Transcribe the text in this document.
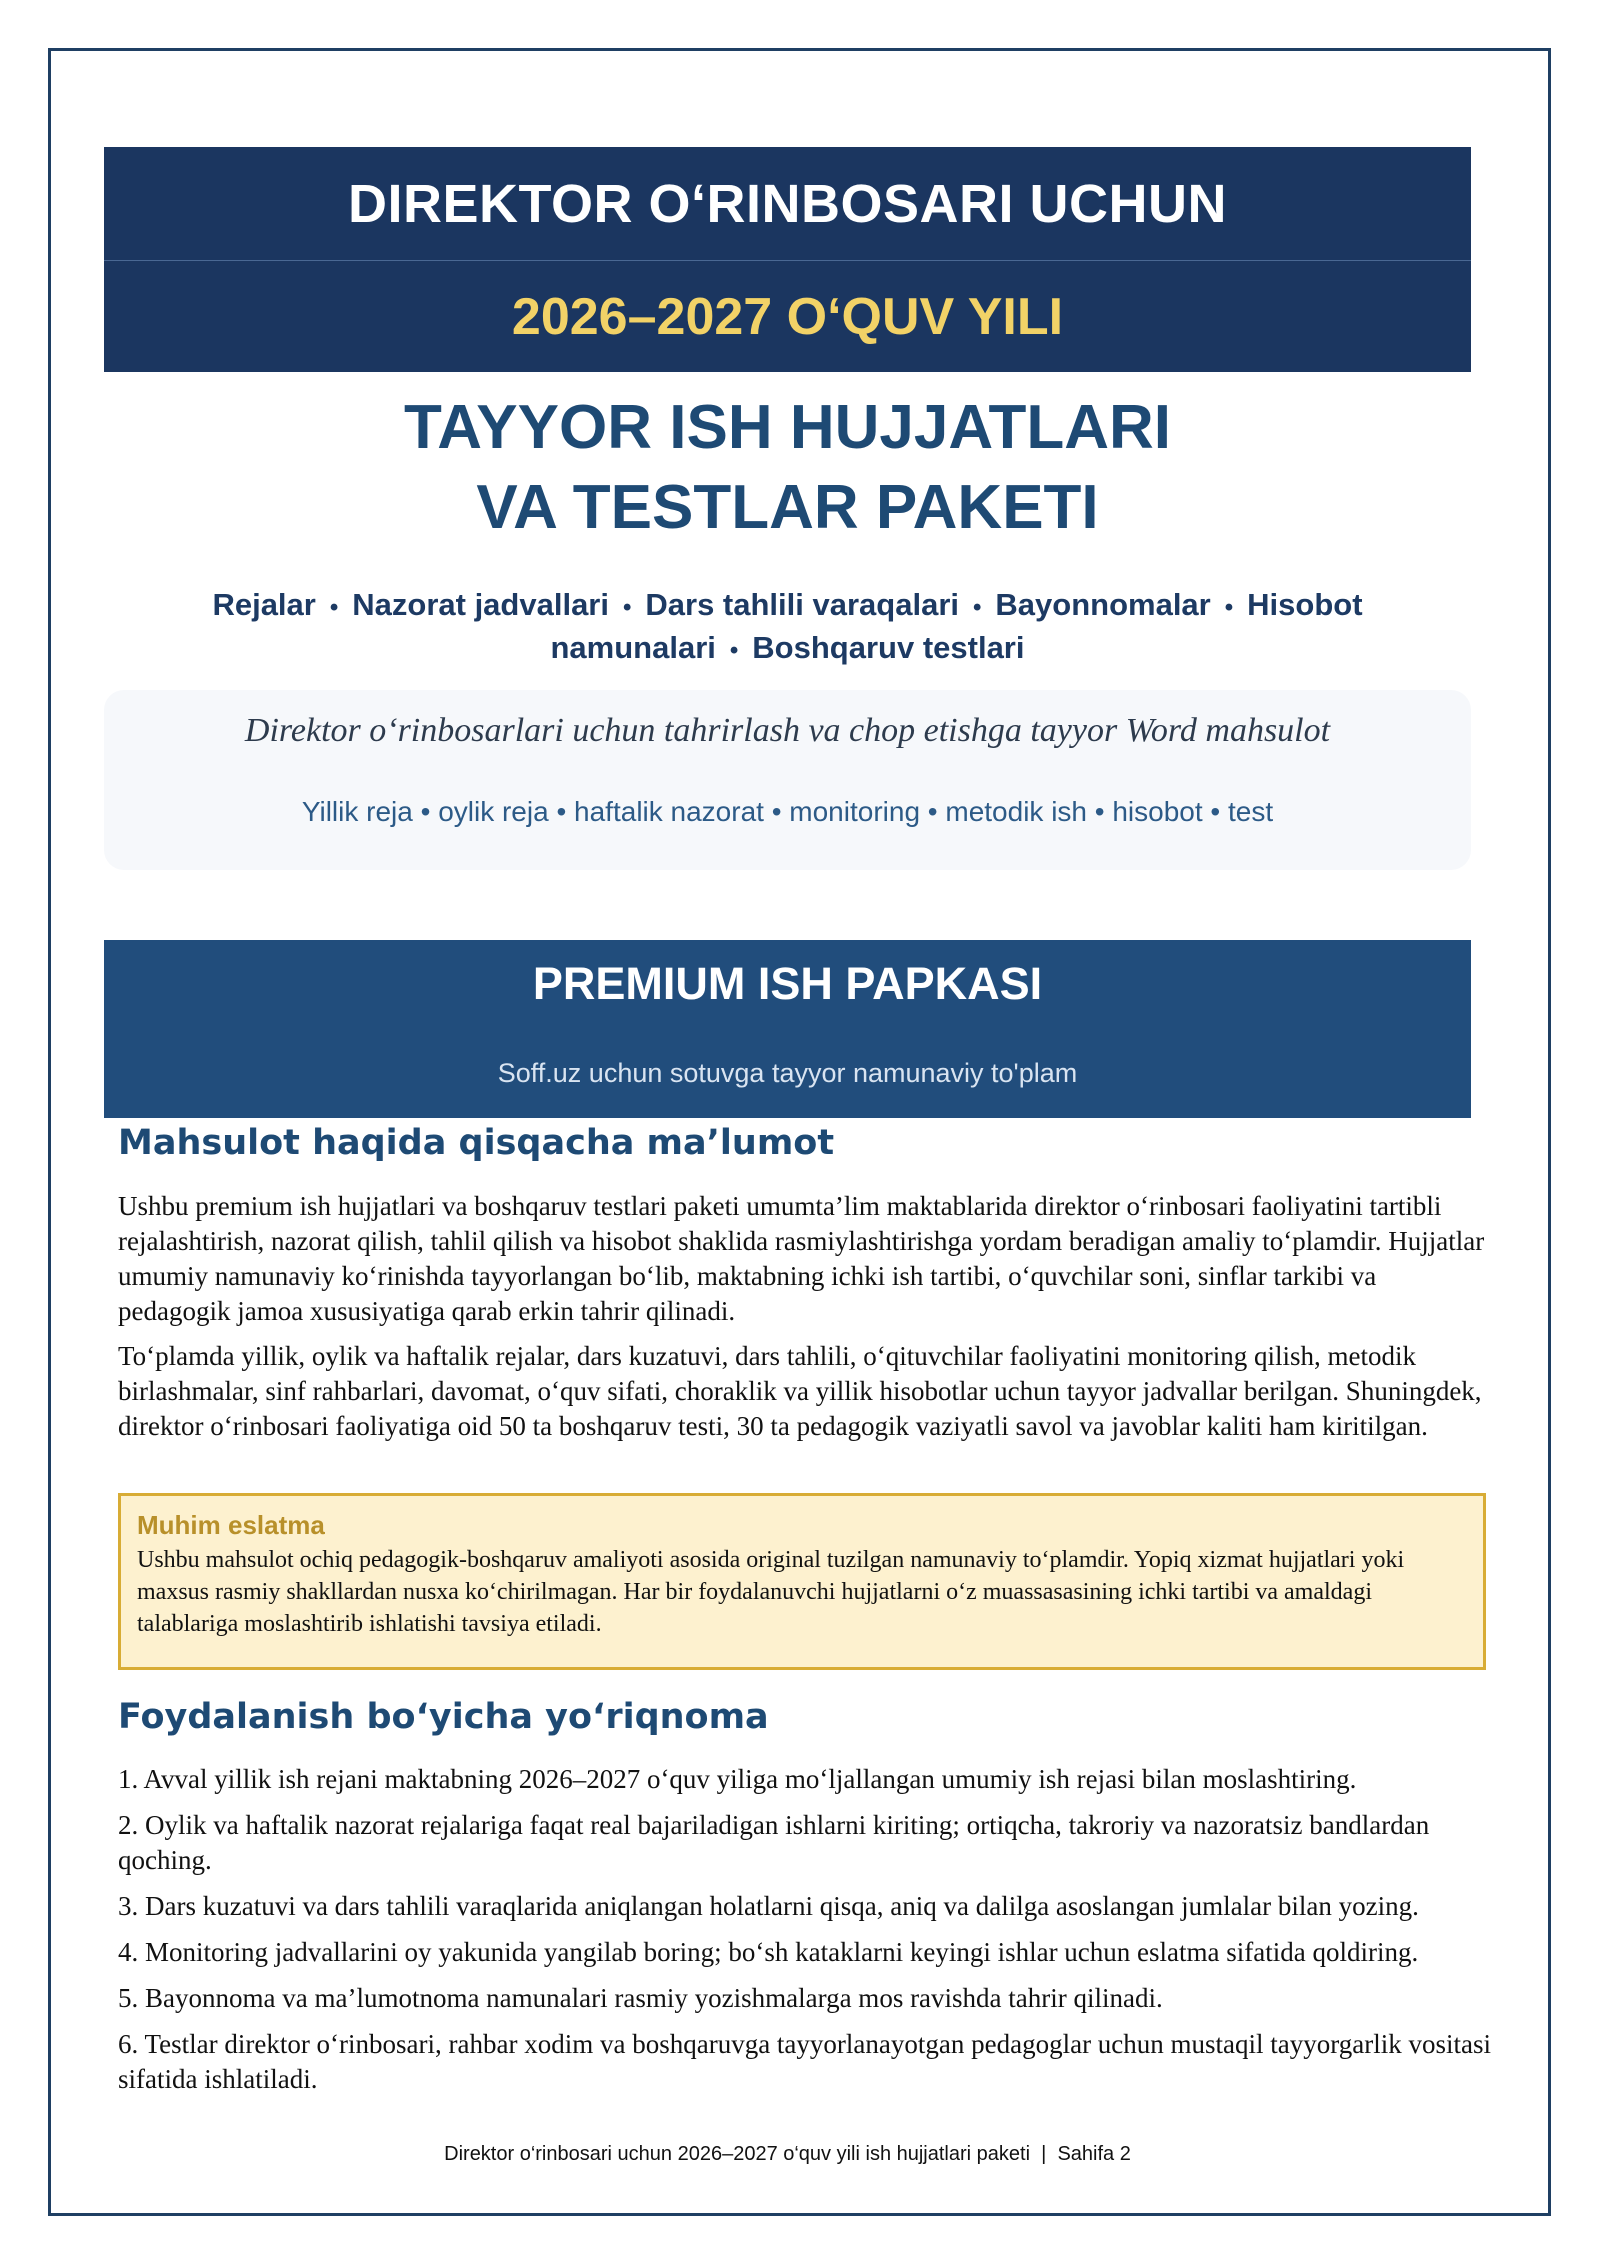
DIREKTOR O‘RINBOSARI UCHUN
2026–2027 O‘QUV YILI
TAYYOR ISH HUJJATLARI
VA TESTLAR PAKETI
Rejalar • Nazorat jadvallari • Dars tahlili varaqalari • Bayonnomalar • Hisobot namunalari • Boshqaruv testlari
Direktor o‘rinbosarlari uchun tahrirlash va chop etishga tayyor Word mahsulot
Yillik reja • oylik reja • haftalik nazorat • monitoring • metodik ish • hisobot • test
PREMIUM ISH PAPKASI
Soff.uz uchun sotuvga tayyor namunaviy to'plam
Mahsulot haqida qisqacha ma’lumot

Ushbu premium ish hujjatlari va boshqaruv testlari paketi umumta’lim maktablarida direktor o‘rinbosari faoliyatini tartibli rejalashtirish, nazorat qilish, tahlil qilish va hisobot shaklida rasmiylashtirishga yordam beradigan amaliy to‘plamdir. Hujjatlar umumiy namunaviy ko‘rinishda tayyorlangan bo‘lib, maktabning ichki ish tartibi, o‘quvchilar soni, sinflar tarkibi va pedagogik jamoa xususiyatiga qarab erkin tahrir qilinadi.

To‘plamda yillik, oylik va haftalik rejalar, dars kuzatuvi, dars tahlili, o‘qituvchilar faoliyatini monitoring qilish, metodik birlashmalar, sinf rahbarlari, davomat, o‘quv sifati, choraklik va yillik hisobotlar uchun tayyor jadvallar berilgan. Shuningdek, direktor o‘rinbosari faoliyatiga oid 50 ta boshqaruv testi, 30 ta pedagogik vaziyatli savol va javoblar kaliti ham kiritilgan.

Muhim eslatma

Ushbu mahsulot ochiq pedagogik-boshqaruv amaliyoti asosida original tuzilgan namunaviy to‘plamdir. Yopiq xizmat hujjatlari yoki maxsus rasmiy shakllardan nusxa ko‘chirilmagan. Har bir foydalanuvchi hujjatlarni o‘z muassasasining ichki tartibi va amaldagi talablariga moslashtirib ishlatishi tavsiya etiladi.

Foydalanish bo‘yicha yo‘riqnoma
1. Avval yillik ish rejani maktabning 2026–2027 o‘quv yiliga mo‘ljallangan umumiy ish rejasi bilan moslashtiring.
2. Oylik va haftalik nazorat rejalariga faqat real bajariladigan ishlarni kiriting; ortiqcha, takroriy va nazoratsiz bandlardan qoching.
3. Dars kuzatuvi va dars tahlili varaqlarida aniqlangan holatlarni qisqa, aniq va dalilga asoslangan jumlalar bilan yozing.
4. Monitoring jadvallarini oy yakunida yangilab boring; bo‘sh kataklarni keyingi ishlar uchun eslatma sifatida qoldiring.
5. Bayonnoma va ma’lumotnoma namunalari rasmiy yozishmalarga mos ravishda tahrir qilinadi.
6. Testlar direktor o‘rinbosari, rahbar xodim va boshqaruvga tayyorlanayotgan pedagoglar uchun mustaqil tayyorgarlik vositasi sifatida ishlatiladi.
Direktor o‘rinbosari uchun 2026–2027 o‘quv yili ish hujjatlari paketi  |  Sahifa 2
